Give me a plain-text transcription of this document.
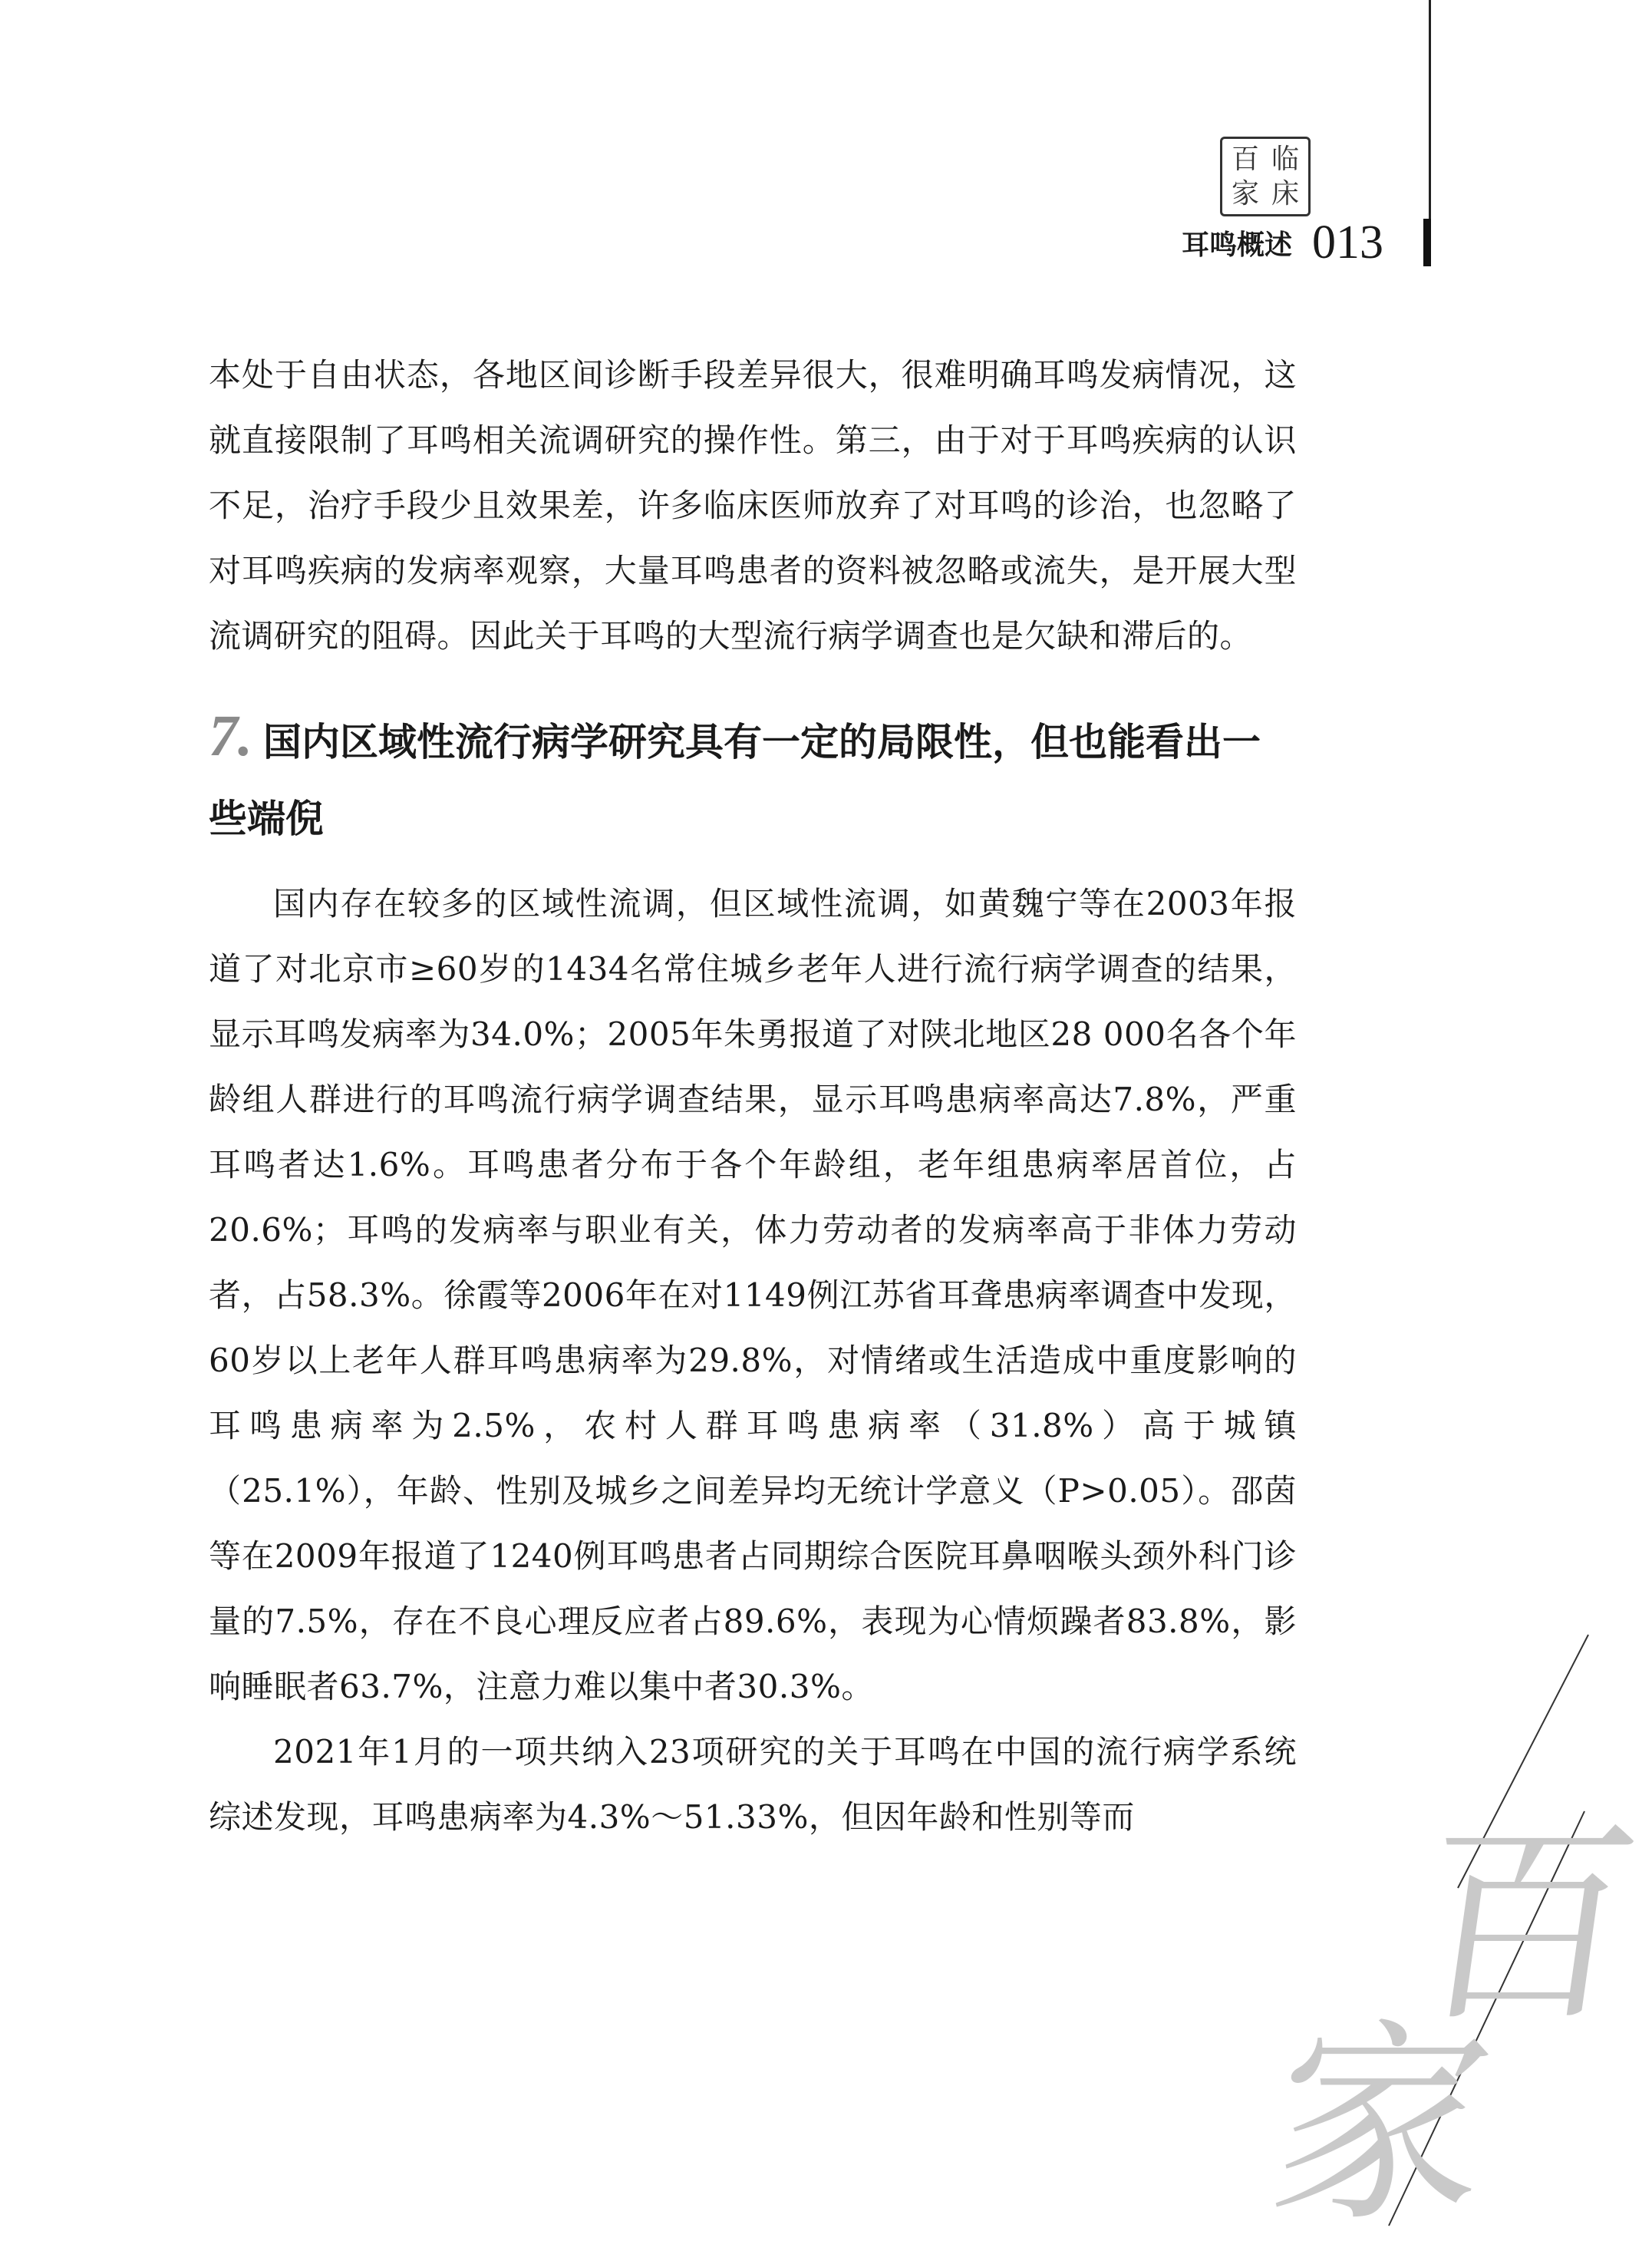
百 临
家 床
耳鸣概述 013

本处于自由状态，各地区间诊断手段差异很大，很难明确耳鸣发病情况，这就直接限制了耳鸣相关流调研究的操作性。第三，由于对于耳鸣疾病的认识不足，治疗手段少且效果差，许多临床医师放弃了对耳鸣的诊治，也忽略了对耳鸣疾病的发病率观察，大量耳鸣患者的资料被忽略或流失，是开展大型流调研究的阻碍。因此关于耳鸣的大型流行病学调查也是欠缺和滞后的。

7. 国内区域性流行病学研究具有一定的局限性，但也能看出一些端倪

国内存在较多的区域性流调，但区域性流调，如黄魏宁等在2003年报道了对北京市≥60岁的1434名常住城乡老年人进行流行病学调查的结果，显示耳鸣发病率为34.0%；2005年朱勇报道了对陕北地区28 000名各个年龄组人群进行的耳鸣流行病学调查结果，显示耳鸣患病率高达7.8%，严重耳鸣者达1.6%。耳鸣患者分布于各个年龄组，老年组患病率居首位，占20.6%；耳鸣的发病率与职业有关，体力劳动者的发病率高于非体力劳动者，占58.3%。徐霞等2006年在对1149例江苏省耳聋患病率调查中发现，60岁以上老年人群耳鸣患病率为29.8%，对情绪或生活造成中重度影响的耳鸣患病率为2.5%，农村人群耳鸣患病率（31.8%）高于城镇（25.1%），年龄、性别及城乡之间差异均无统计学意义（P>0.05）。邵茵等在2009年报道了1240例耳鸣患者占同期综合医院耳鼻咽喉头颈外科门诊量的7.5%，存在不良心理反应者占89.6%，表现为心情烦躁者83.8%，影响睡眠者63.7%，注意力难以集中者30.3%。

2021年1月的一项共纳入23项研究的关于耳鸣在中国的流行病学系统综述发现，耳鸣患病率为4.3%～51.33%，但因年龄和性别等而	百
家
